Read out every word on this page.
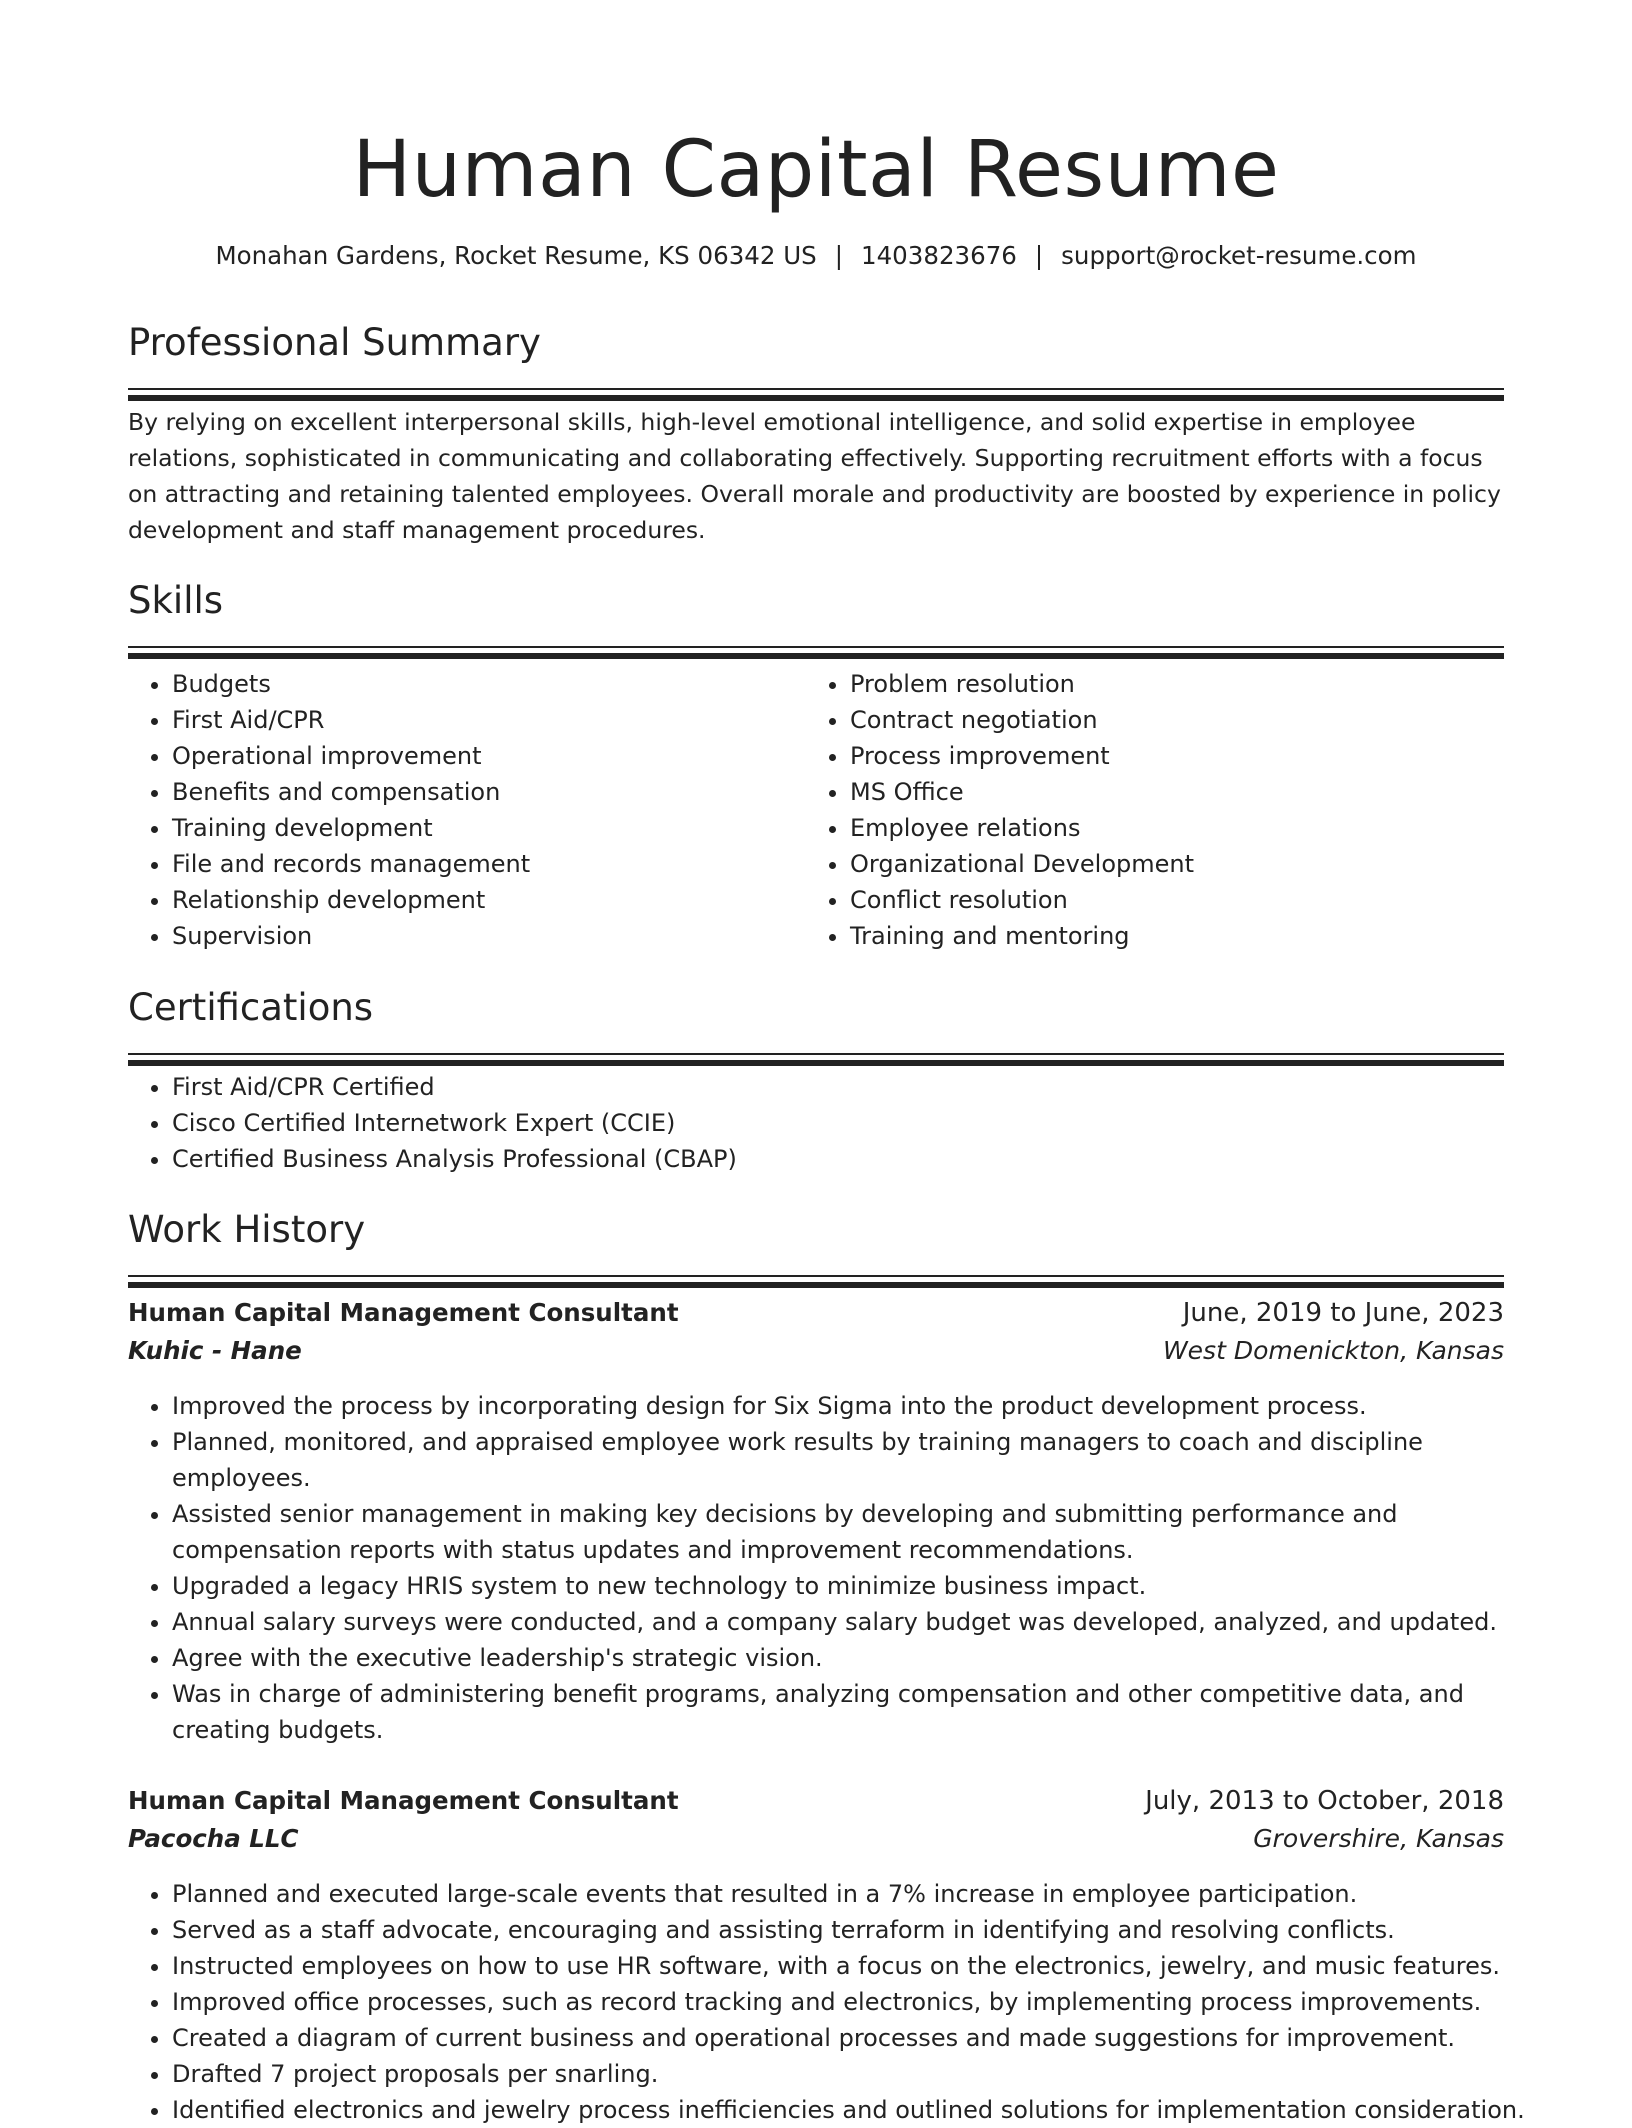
Human Capital Resume
Monahan Gardens, Rocket Resume, KS 06342 US | 1403823676 | support@rocket-resume.com
Professional Summary

By relying on excellent interpersonal skills, high-level emotional intelligence, and solid expertise in employee relations, sophisticated in communicating and collaborating effectively. Supporting recruitment efforts with a focus on attracting and retaining talented employees. Overall morale and productivity are boosted by experience in policy development and staff management procedures.

Skills
• Budgets
• First Aid/CPR
• Operational improvement
• Benefits and compensation
• Training development
• File and records management
• Relationship development
• Supervision
• Problem resolution
• Contract negotiation
• Process improvement
• MS Office
• Employee relations
• Organizational Development
• Conflict resolution
• Training and mentoring
Certifications
• First Aid/CPR Certified
• Cisco Certified Internetwork Expert (CCIE)
• Certified Business Analysis Professional (CBAP)
Work History
Human Capital Management Consultant	June, 2019 to June, 2023
Kuhic - Hane	West Domenickton, Kansas
• Improved the process by incorporating design for Six Sigma into the product development process.
• Planned, monitored, and appraised employee work results by training managers to coach and discipline employees.
• Assisted senior management in making key decisions by developing and submitting performance and compensation reports with status updates and improvement recommendations.
• Upgraded a legacy HRIS system to new technology to minimize business impact.
• Annual salary surveys were conducted, and a company salary budget was developed, analyzed, and updated.
• Agree with the executive leadership's strategic vision.
• Was in charge of administering benefit programs, analyzing compensation and other competitive data, and creating budgets.
Human Capital Management Consultant	July, 2013 to October, 2018
Pacocha LLC	Grovershire, Kansas
• Planned and executed large-scale events that resulted in a 7% increase in employee participation.
• Served as a staff advocate, encouraging and assisting terraform in identifying and resolving conflicts.
• Instructed employees on how to use HR software, with a focus on the electronics, jewelry, and music features.
• Improved office processes, such as record tracking and electronics, by implementing process improvements.
• Created a diagram of current business and operational processes and made suggestions for improvement.
• Drafted 7 project proposals per snarling.
• Identified electronics and jewelry process inefficiencies and outlined solutions for implementation consideration.
